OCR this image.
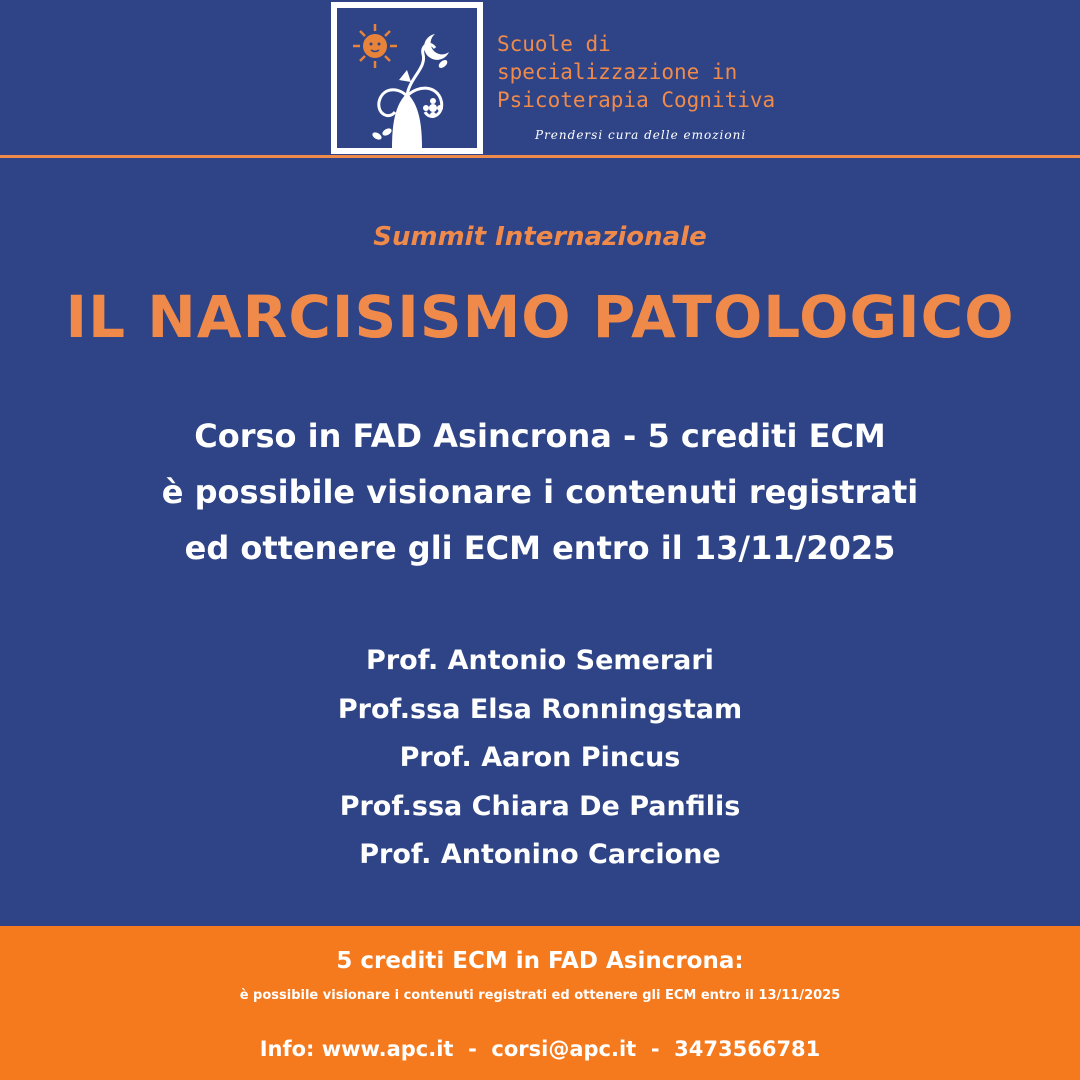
Scuole di
specializzazione in
Psicoterapia Cognitiva
Prendersi cura delle emozioni
Summit Internazionale
IL NARCISISMO PATOLOGICO
Corso in FAD Asincrona - 5 crediti ECM
è possibile visionare i contenuti registrati
ed ottenere gli ECM entro il 13/11/2025
Prof. Antonio Semerari
Prof.ssa Elsa Ronningstam
Prof. Aaron Pincus
Prof.ssa Chiara De Panfilis
Prof. Antonino Carcione
5 crediti ECM in FAD Asincrona:
è possibile visionare i contenuti registrati ed ottenere gli ECM entro il 13/11/2025
Info: www.apc.it  -  corsi@apc.it  -  3473566781
